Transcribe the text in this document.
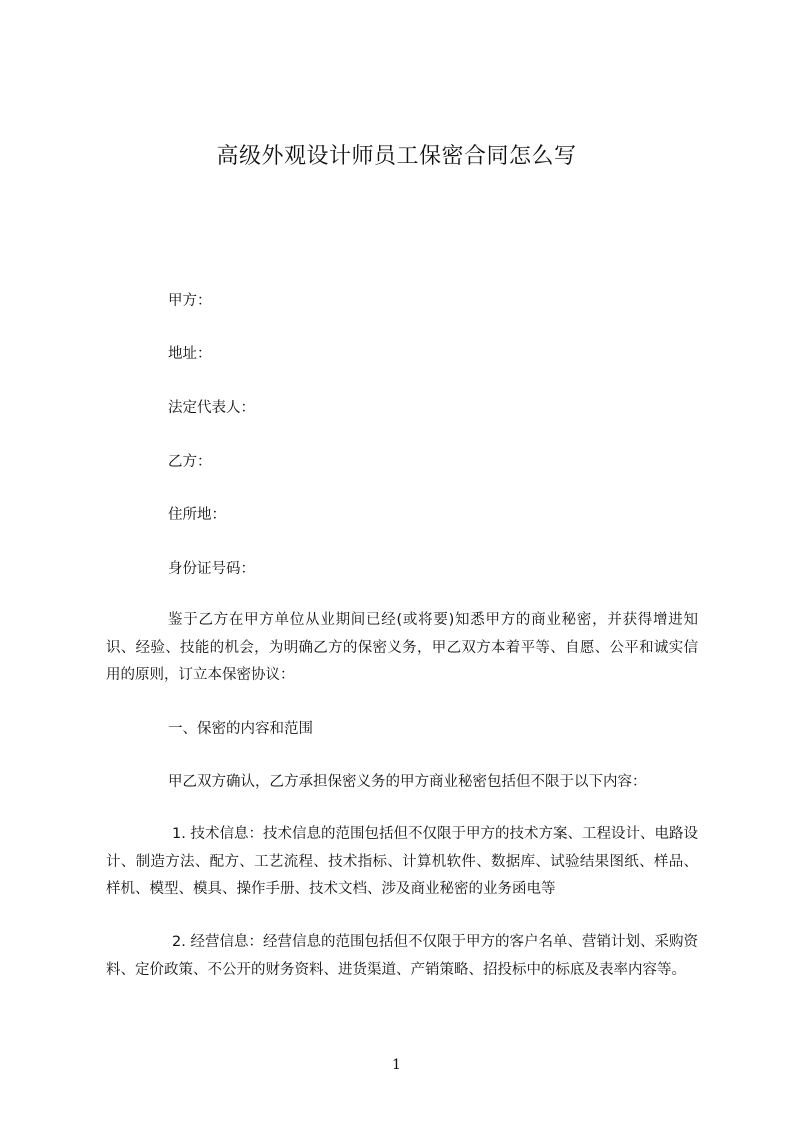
高级外观设计师员工保密合同怎么写
甲方：
地址：
法定代表人：
乙方：
住所地：
身份证号码：
鉴于乙方在甲方单位从业期间已经(或将要)知悉甲方的商业秘密，并获得增进知识、经验、技能的机会，为明确乙方的保密义务，甲乙双方本着平等、自愿、公平和诚实信用的原则，订立本保密协议：
一、保密的内容和范围
甲乙双方确认，乙方承担保密义务的甲方商业秘密包括但不限于以下内容：
1. 技术信息：技术信息的范围包括但不仅限于甲方的技术方案、工程设计、电路设计、制造方法、配方、工艺流程、技术指标、计算机软件、数据库、试验结果图纸、样品、样机、模型、模具、操作手册、技术文档、涉及商业秘密的业务函电等
2. 经营信息：经营信息的范围包括但不仅限于甲方的客户名单、营销计划、采购资料、定价政策、不公开的财务资料、进货渠道、产销策略、招投标中的标底及表率内容等。
1
